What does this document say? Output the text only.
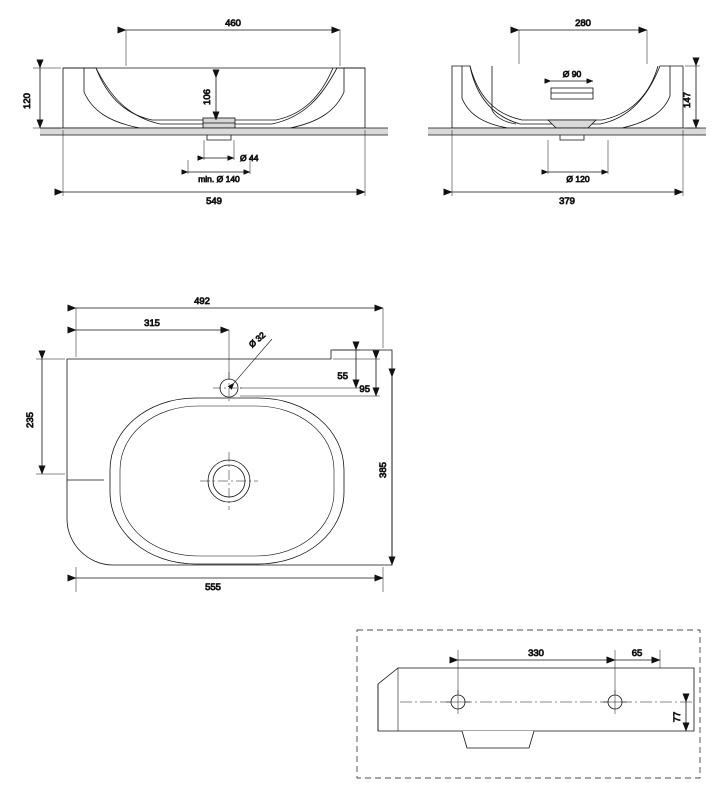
460
120	106
Ø 44
min. Ø 140
549
280
Ø 90
147
Ø 120
379
Ø 32
492
315
55
95
235
385
555
330	65
77
